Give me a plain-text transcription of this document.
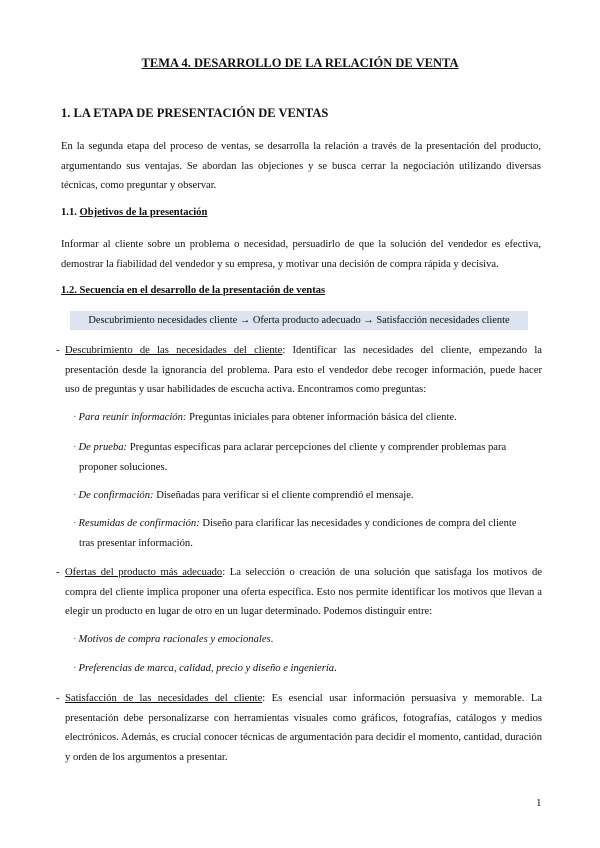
TEMA 4. DESARROLLO DE LA RELACIÓN DE VENTA
1. LA ETAPA DE PRESENTACIÓN DE VENTAS
En la segunda etapa del proceso de ventas, se desarrolla la relación a través de la presentación del producto, argumentando sus ventajas. Se abordan las objeciones y se busca cerrar la negociación utilizando diversas técnicas, como preguntar y observar.
1.1. Objetivos de la presentación
Informar al cliente sobre un problema o necesidad, persuadirlo de que la solución del vendedor es efectiva, demostrar la fiabilidad del vendedor y su empresa, y motivar una decisión de compra rápida y decisiva.
1.2. Secuencia en el desarrollo de la presentación de ventas
Descubrimiento necesidades cliente → Oferta producto adecuado → Satisfacción necesidades cliente
- Descubrimiento de las necesidades del cliente: Identificar las necesidades del cliente, empezando la presentación desde la ignorancia del problema. Para esto el vendedor debe recoger información, puede hacer uso de preguntas y usar habilidades de escucha activa. Encontramos como preguntas:
· Para reunir información: Preguntas iniciales para obtener información básica del cliente.
· De prueba: Preguntas específicas para aclarar percepciones del cliente y comprender problemas para
proponer soluciones.
· De confirmación: Diseñadas para verificar si el cliente comprendió el mensaje.
· Resumidas de confirmación: Diseño para clarificar las necesidades y condiciones de compra del cliente
tras presentar información.
- Ofertas del producto más adecuado: La selección o creación de una solución que satisfaga los motivos de compra del cliente implica proponer una oferta específica. Esto nos permite identificar los motivos que llevan a elegir un producto en lugar de otro en un lugar determinado. Podemos distinguir entre:
· Motivos de compra racionales y emocionales.
· Preferencias de marca, calidad, precio y diseño e ingeniería.
- Satisfacción de las necesidades del cliente: Es esencial usar información persuasiva y memorable. La presentación debe personalizarse con herramientas visuales como gráficos, fotografías, catálogos y medios electrónicos. Además, es crucial conocer técnicas de argumentación para decidir el momento, cantidad, duración y orden de los argumentos a presentar.
1
